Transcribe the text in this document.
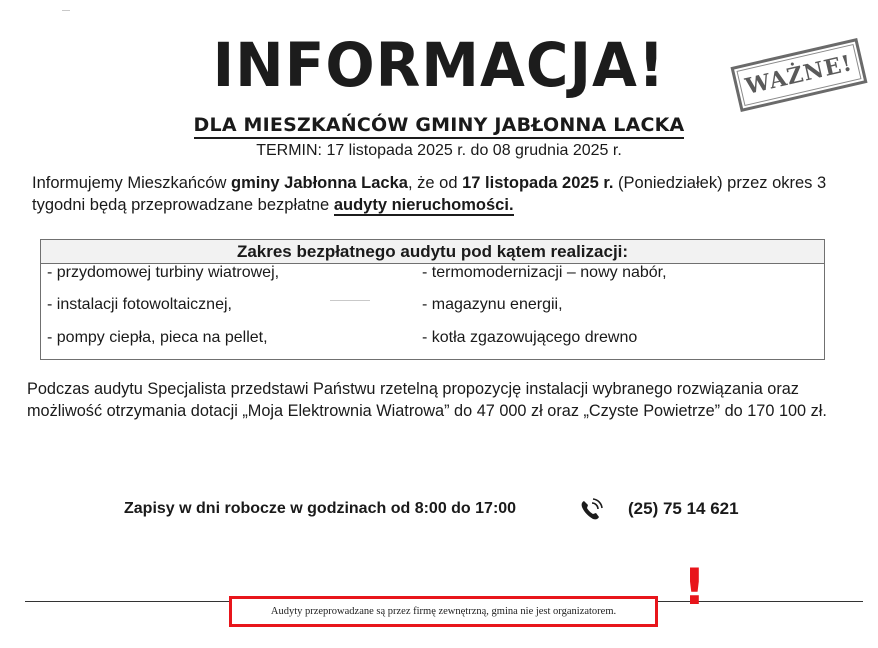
INFORMACJA!	WAŻNE!
DLA MIESZKAŃCÓW GMINY JABŁONNA LACKA
TERMIN: 17 listopada 2025 r. do 08 grudnia 2025 r.
Informujemy Mieszkańców gminy Jabłonna Lacka, że od 17 listopada 2025 r. (Poniedziałek) przez okres 3 tygodni będą przeprowadzane bezpłatne audyty nieruchomości.
Zakres bezpłatnego audytu pod kątem realizacji:
- przydomowej turbiny wiatrowej,
- instalacji fotowoltaicznej,
- pompy ciepła, pieca na pellet,
- termomodernizacji – nowy nabór,
- magazynu energii,
- kotła zgazowującego drewno
Podczas audytu Specjalista przedstawi Państwu rzetelną propozycję instalacji wybranego rozwiązania oraz możliwość otrzymania dotacji „Moja Elektrownia Wiatrowa” do 47 000 zł oraz „Czyste Powietrze” do 170 100 zł.
Zapisy w dni robocze w godzinach od 8:00 do 17:00	(25) 75 14 621
Audyty przeprowadzane są przez firmę zewnętrzną, gmina nie jest organizatorem. !
